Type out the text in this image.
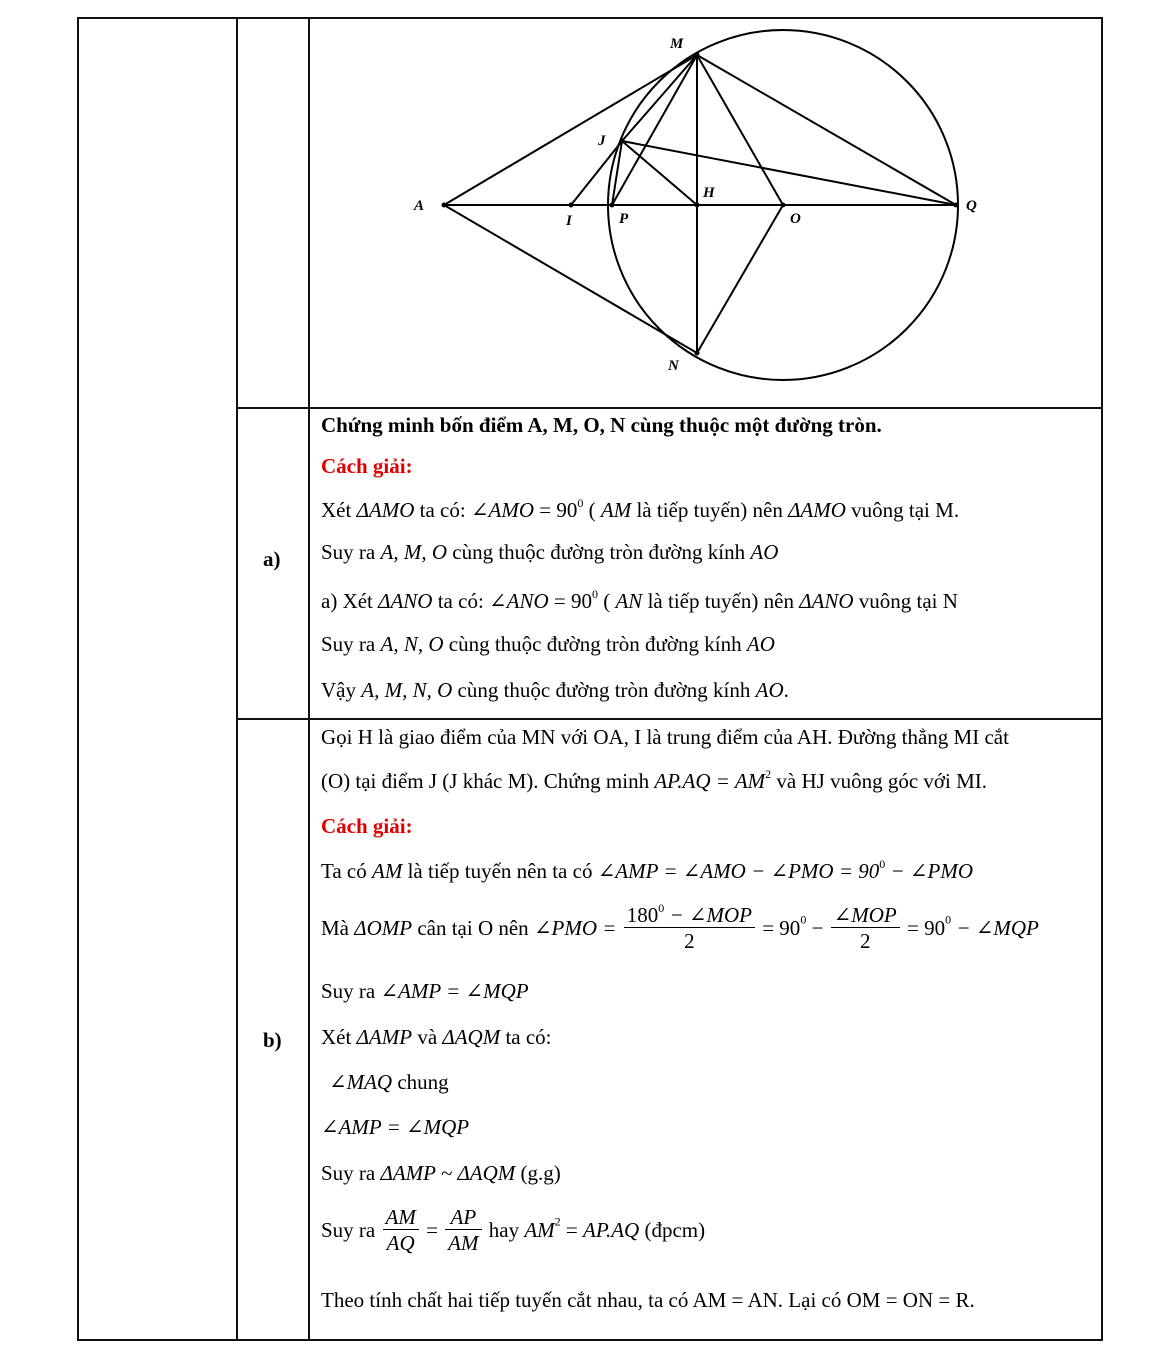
M
J
H
A
I	P	O
Q
N
a)
Chứng minh bốn điểm A, M, O, N cùng thuộc một đường tròn.
Cách giải:
Xét ΔAMO ta có: ∠AMO = $90^0$ ( AM là tiếp tuyến) nên ΔAMO vuông tại M.
Suy ra A, M, O cùng thuộc đường tròn đường kính AO
a) Xét ΔANO ta có: ∠ANO = $90^0$ ( AN là tiếp tuyến) nên ΔANO vuông tại N
Suy ra A, N, O cùng thuộc đường tròn đường kính AO
Vậy A, M, N, O cùng thuộc đường tròn đường kính AO.
b)
Gọi H là giao điểm của MN với OA, I là trung điểm của AH. Đường thẳng MI cắt
(O) tại điểm J (J khác M). Chứng minh $AP.AQ = AM^2$ và HJ vuông góc với MI.
Cách giải:
Ta có AM là tiếp tuyến nên ta có ∠AMP = ∠AMO − ∠PMO = $90^0$ − ∠PMO
Mà ΔOMP cân tại O nên ∠PMO = $\frac{180^0 - \angle MOP}{2} = 90^0 - \frac{\text{∠MOP}}{2} = 90^0$ − ∠MQP
Suy ra ∠AMP = ∠MQP
Xét ΔAMP và ΔAQM ta có:
∠MAQ chung
∠AMP = ∠MQP
Suy ra ΔAMP ~ ΔAQM (g.g)
Suy ra $\frac{AM}{AQ} = \frac{AP}{AM}$ hay $AM^2 = AP.AQ$ (đpcm)
Theo tính chất hai tiếp tuyến cắt nhau, ta có AM = AN. Lại có OM = ON = R.
